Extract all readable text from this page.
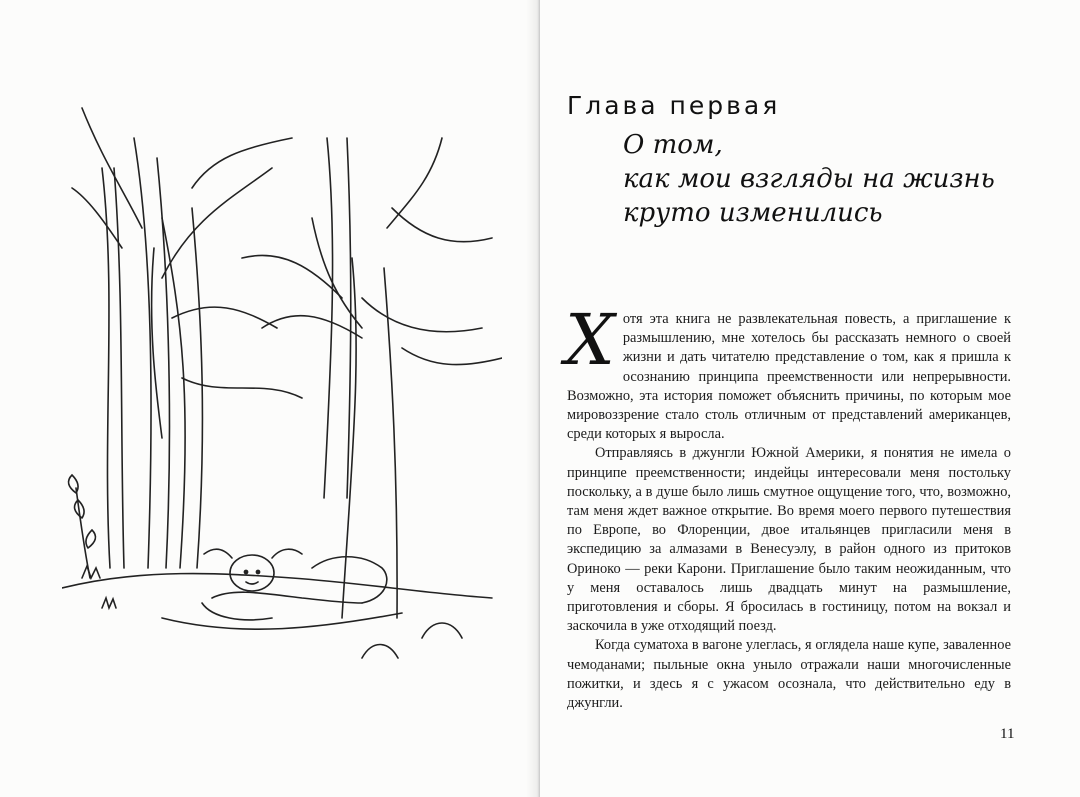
Глава первая
О том,
как мои взгляды на жизнь
круто изменились

Хотя эта книга не развлекательная повесть, а приглашение к размышлению, мне хотелось бы рассказать немного о своей жизни и дать читателю представление о том, как я пришла к осознанию принципа преемственности или непрерывности. Возможно, эта история поможет объяснить причины, по которым мое мировоззрение стало столь отличным от представлений американцев, среди которых я выросла.

Отправляясь в джунгли Южной Америки, я понятия не имела о принципе преемственности; индейцы интересовали меня постольку поскольку, а в душе было лишь смутное ощущение того, что, возможно, там меня ждет важное открытие. Во время моего первого путешествия по Европе, во Флоренции, двое итальянцев пригласили меня в экспедицию за алмазами в Венесуэлу, в район одного из притоков Ориноко — реки Карони. Приглашение было таким неожиданным, что у меня оставалось лишь двадцать минут на размышление, приготовления и сборы. Я бросилась в гостиницу, потом на вокзал и заскочила в уже отходящий поезд.

Когда суматоха в вагоне улеглась, я оглядела наше купе, заваленное чемоданами; пыльные окна уныло отражали наши многочисленные пожитки, и здесь я с ужасом осознала, что действительно еду в джунгли.

11
